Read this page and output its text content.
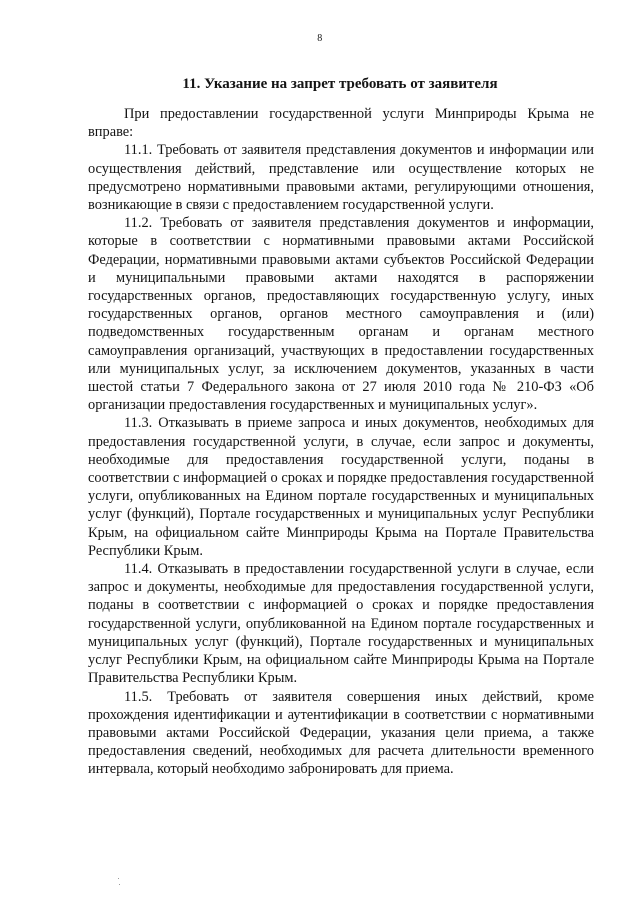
8
11. Указание на запрет требовать от заявителя

При предоставлении государственной услуги Минприроды Крыма не вправе:

11.1. Требовать от заявителя представления документов и информации или осуществления действий, представление или осуществление которых не предусмотрено нормативными правовыми актами, регулирующими отношения, возникающие в связи с предоставлением государственной услуги.

11.2. Требовать от заявителя представления документов и информации, которые в соответствии с нормативными правовыми актами Российской Федерации, нормативными правовыми актами субъектов Российской Федерации и муниципальными правовыми актами находятся в распоряжении государственных органов, предоставляющих государственную услугу, иных государственных органов, органов местного самоуправления и (или) подведомственных государственным органам и органам местного самоуправления организаций, участвующих в предоставлении государственных или муниципальных услуг, за исключением документов, указанных в части шестой статьи 7 Федерального закона от 27 июля 2010 года № 210-ФЗ «Об организации предоставления государственных и муниципальных услуг».

11.3. Отказывать в приеме запроса и иных документов, необходимых для предоставления государственной услуги, в случае, если запрос и документы, необходимые для предоставления государственной услуги, поданы в соответствии с информацией о сроках и порядке предоставления государственной услуги, опубликованных на Едином портале государственных и муниципальных услуг (функций), Портале государственных и муниципальных услуг Республики Крым, на официальном сайте Минприроды Крыма на Портале Правительства Республики Крым.

11.4. Отказывать в предоставлении государственной услуги в случае, если запрос и документы, необходимые для предоставления государственной услуги, поданы в соответствии с информацией о сроках и порядке предоставления государственной услуги, опубликованной на Едином портале государственных и муниципальных услуг (функций), Портале государственных и муниципальных услуг Республики Крым, на официальном сайте Минприроды Крыма на Портале Правительства Республики Крым.

11.5. Требовать от заявителя совершения иных действий, кроме прохождения идентификации и аутентификации в соответствии с нормативными правовыми актами Российской Федерации, указания цели приема, а также предоставления сведений, необходимых для расчета длительности временного интервала, который необходимо забронировать для приема.
